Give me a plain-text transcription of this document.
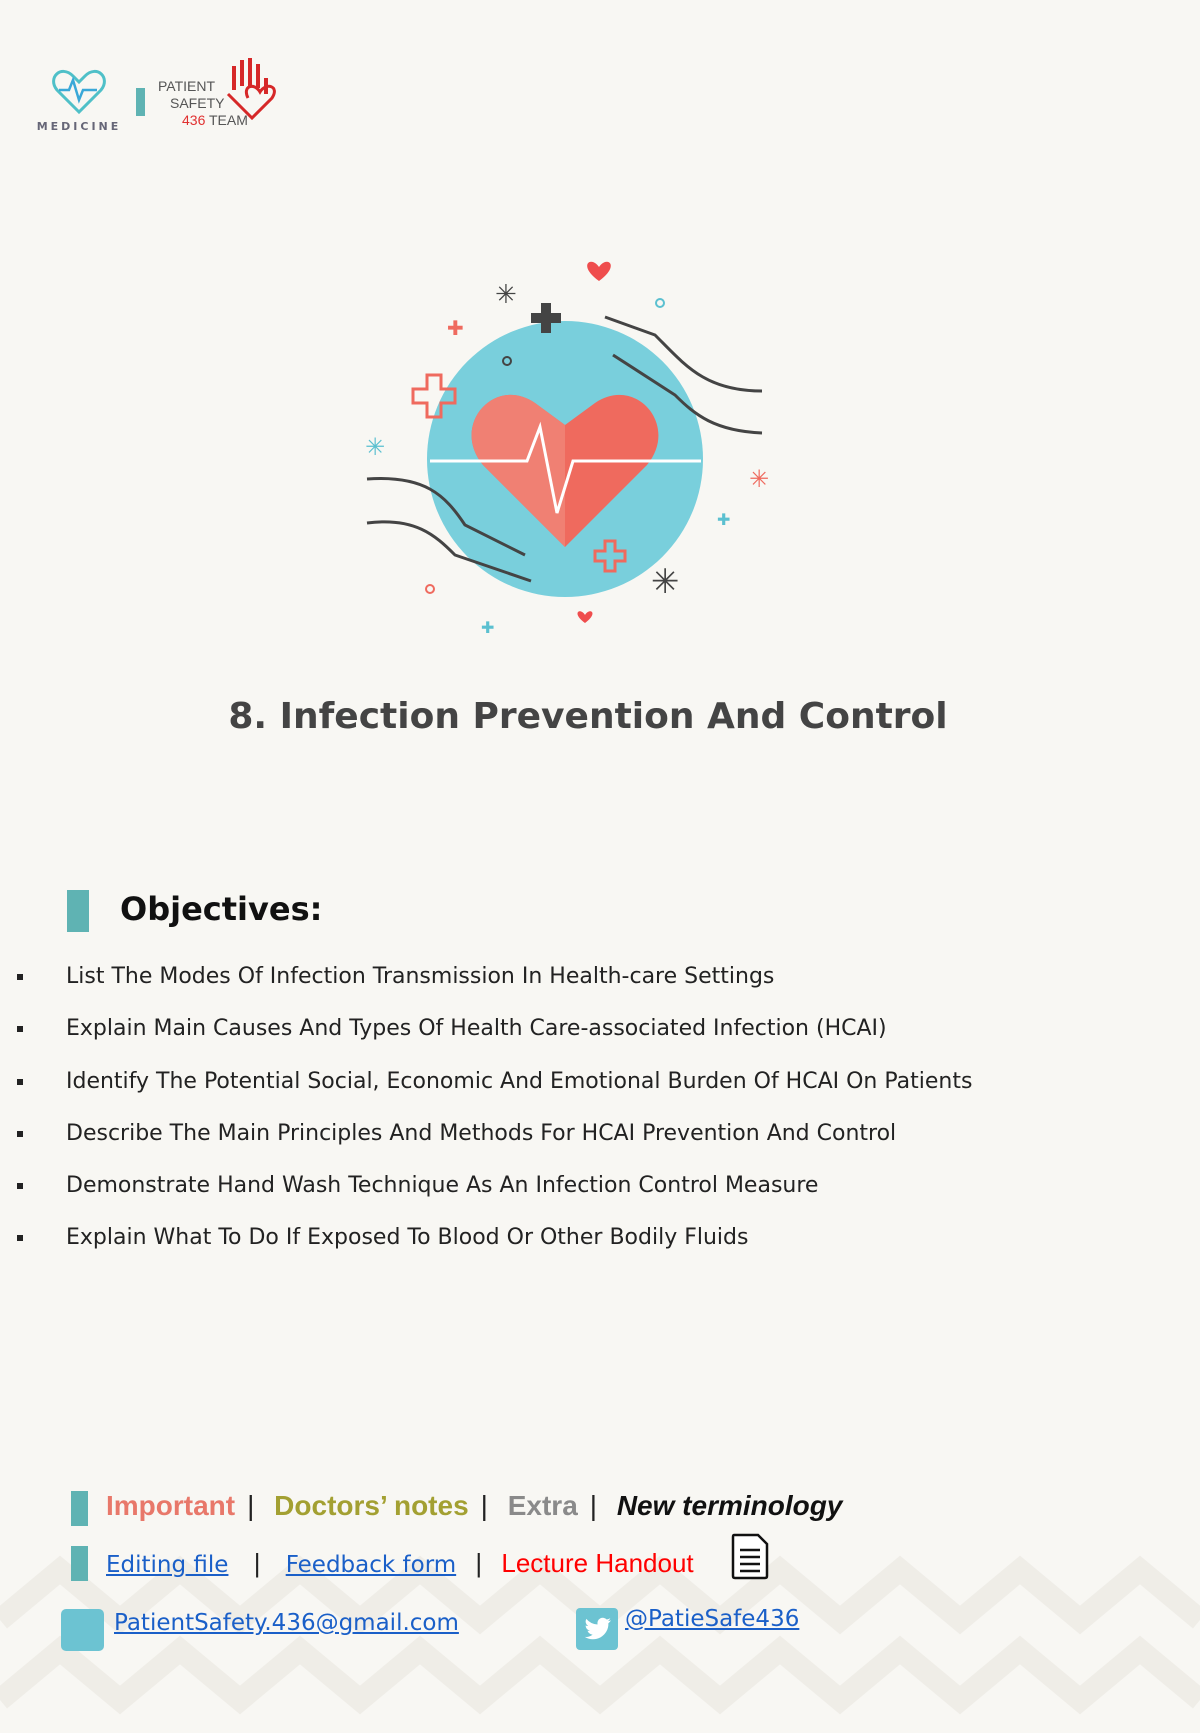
MEDICINE
PATIENT
SAFETY
436 TEAM
✚
✚
✚
✳
✳
✳
✳
8. Infection Prevention And Control
Objectives:
List The Modes Of Infection Transmission In Health-care Settings
Explain Main Causes And Types Of Health Care-associated Infection (HCAI)
Identify The Potential Social, Economic And Emotional Burden Of HCAI On Patients
Describe The Main Principles And Methods For HCAI Prevention And Control
Demonstrate Hand Wash Technique As An Infection Control Measure
Explain What To Do If Exposed To Blood Or Other Bodily Fluids
Important | Doctors’ notes | Extra | New terminology
Editing file | Feedback form | Lecture Handout
PatientSafety.436@gmail.com	@PatieSafe436
